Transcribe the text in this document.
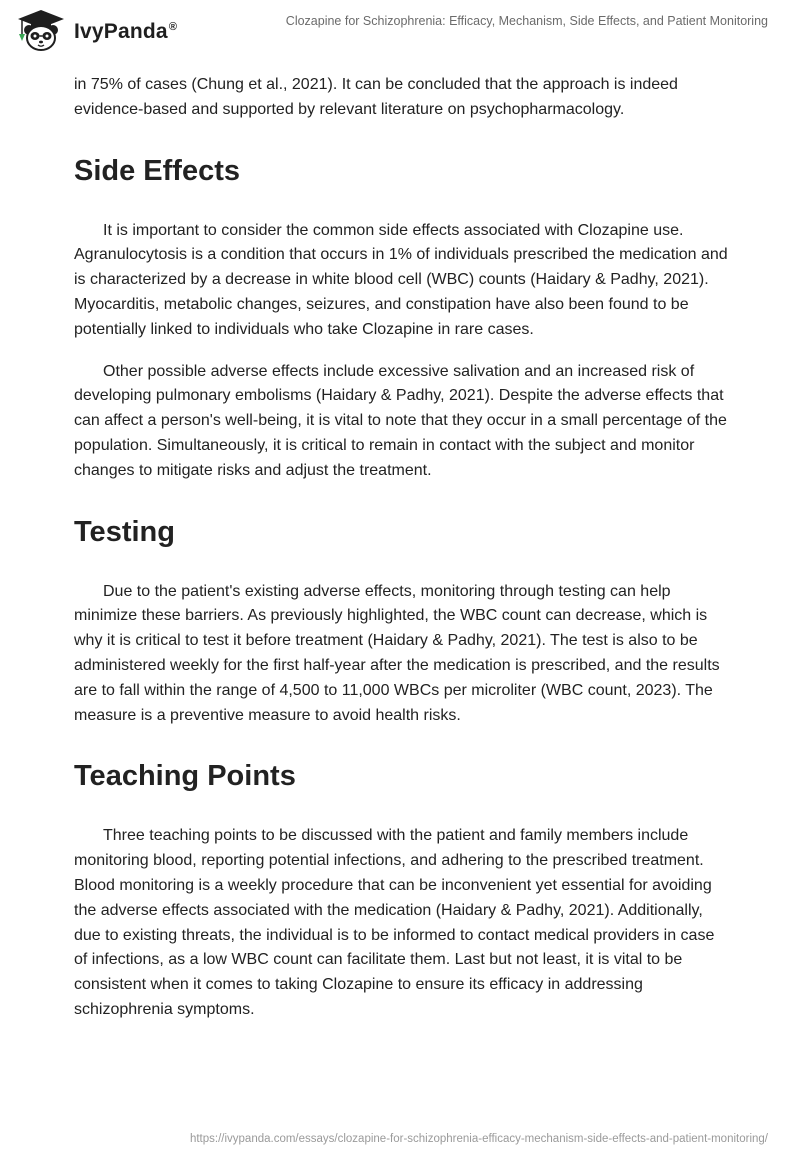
IvyPanda®	Clozapine for Schizophrenia: Efficacy, Mechanism, Side Effects, and Patient Monitoring

in 75% of cases (Chung et al., 2021). It can be concluded that the approach is indeed evidence-based and supported by relevant literature on psychopharmacology.

Side Effects

It is important to consider the common side effects associated with Clozapine use. Agranulocytosis is a condition that occurs in 1% of individuals prescribed the medication and is characterized by a decrease in white blood cell (WBC) counts (Haidary & Padhy, 2021). Myocarditis, metabolic changes, seizures, and constipation have also been found to be potentially linked to individuals who take Clozapine in rare cases.

Other possible adverse effects include excessive salivation and an increased risk of developing pulmonary embolisms (Haidary & Padhy, 2021). Despite the adverse effects that can affect a person's well-being, it is vital to note that they occur in a small percentage of the population. Simultaneously, it is critical to remain in contact with the subject and monitor changes to mitigate risks and adjust the treatment.

Testing

Due to the patient's existing adverse effects, monitoring through testing can help minimize these barriers. As previously highlighted, the WBC count can decrease, which is why it is critical to test it before treatment (Haidary & Padhy, 2021). The test is also to be administered weekly for the first half-year after the medication is prescribed, and the results are to fall within the range of 4,500 to 11,000 WBCs per microliter (WBC count, 2023). The measure is a preventive measure to avoid health risks.

Teaching Points

Three teaching points to be discussed with the patient and family members include monitoring blood, reporting potential infections, and adhering to the prescribed treatment. Blood monitoring is a weekly procedure that can be inconvenient yet essential for avoiding the adverse effects associated with the medication (Haidary & Padhy, 2021). Additionally, due to existing threats, the individual is to be informed to contact medical providers in case of infections, as a low WBC count can facilitate them. Last but not least, it is vital to be consistent when it comes to taking Clozapine to ensure its efficacy in addressing schizophrenia symptoms.

https://ivypanda.com/essays/clozapine-for-schizophrenia-efficacy-mechanism-side-effects-and-patient-monitoring/
